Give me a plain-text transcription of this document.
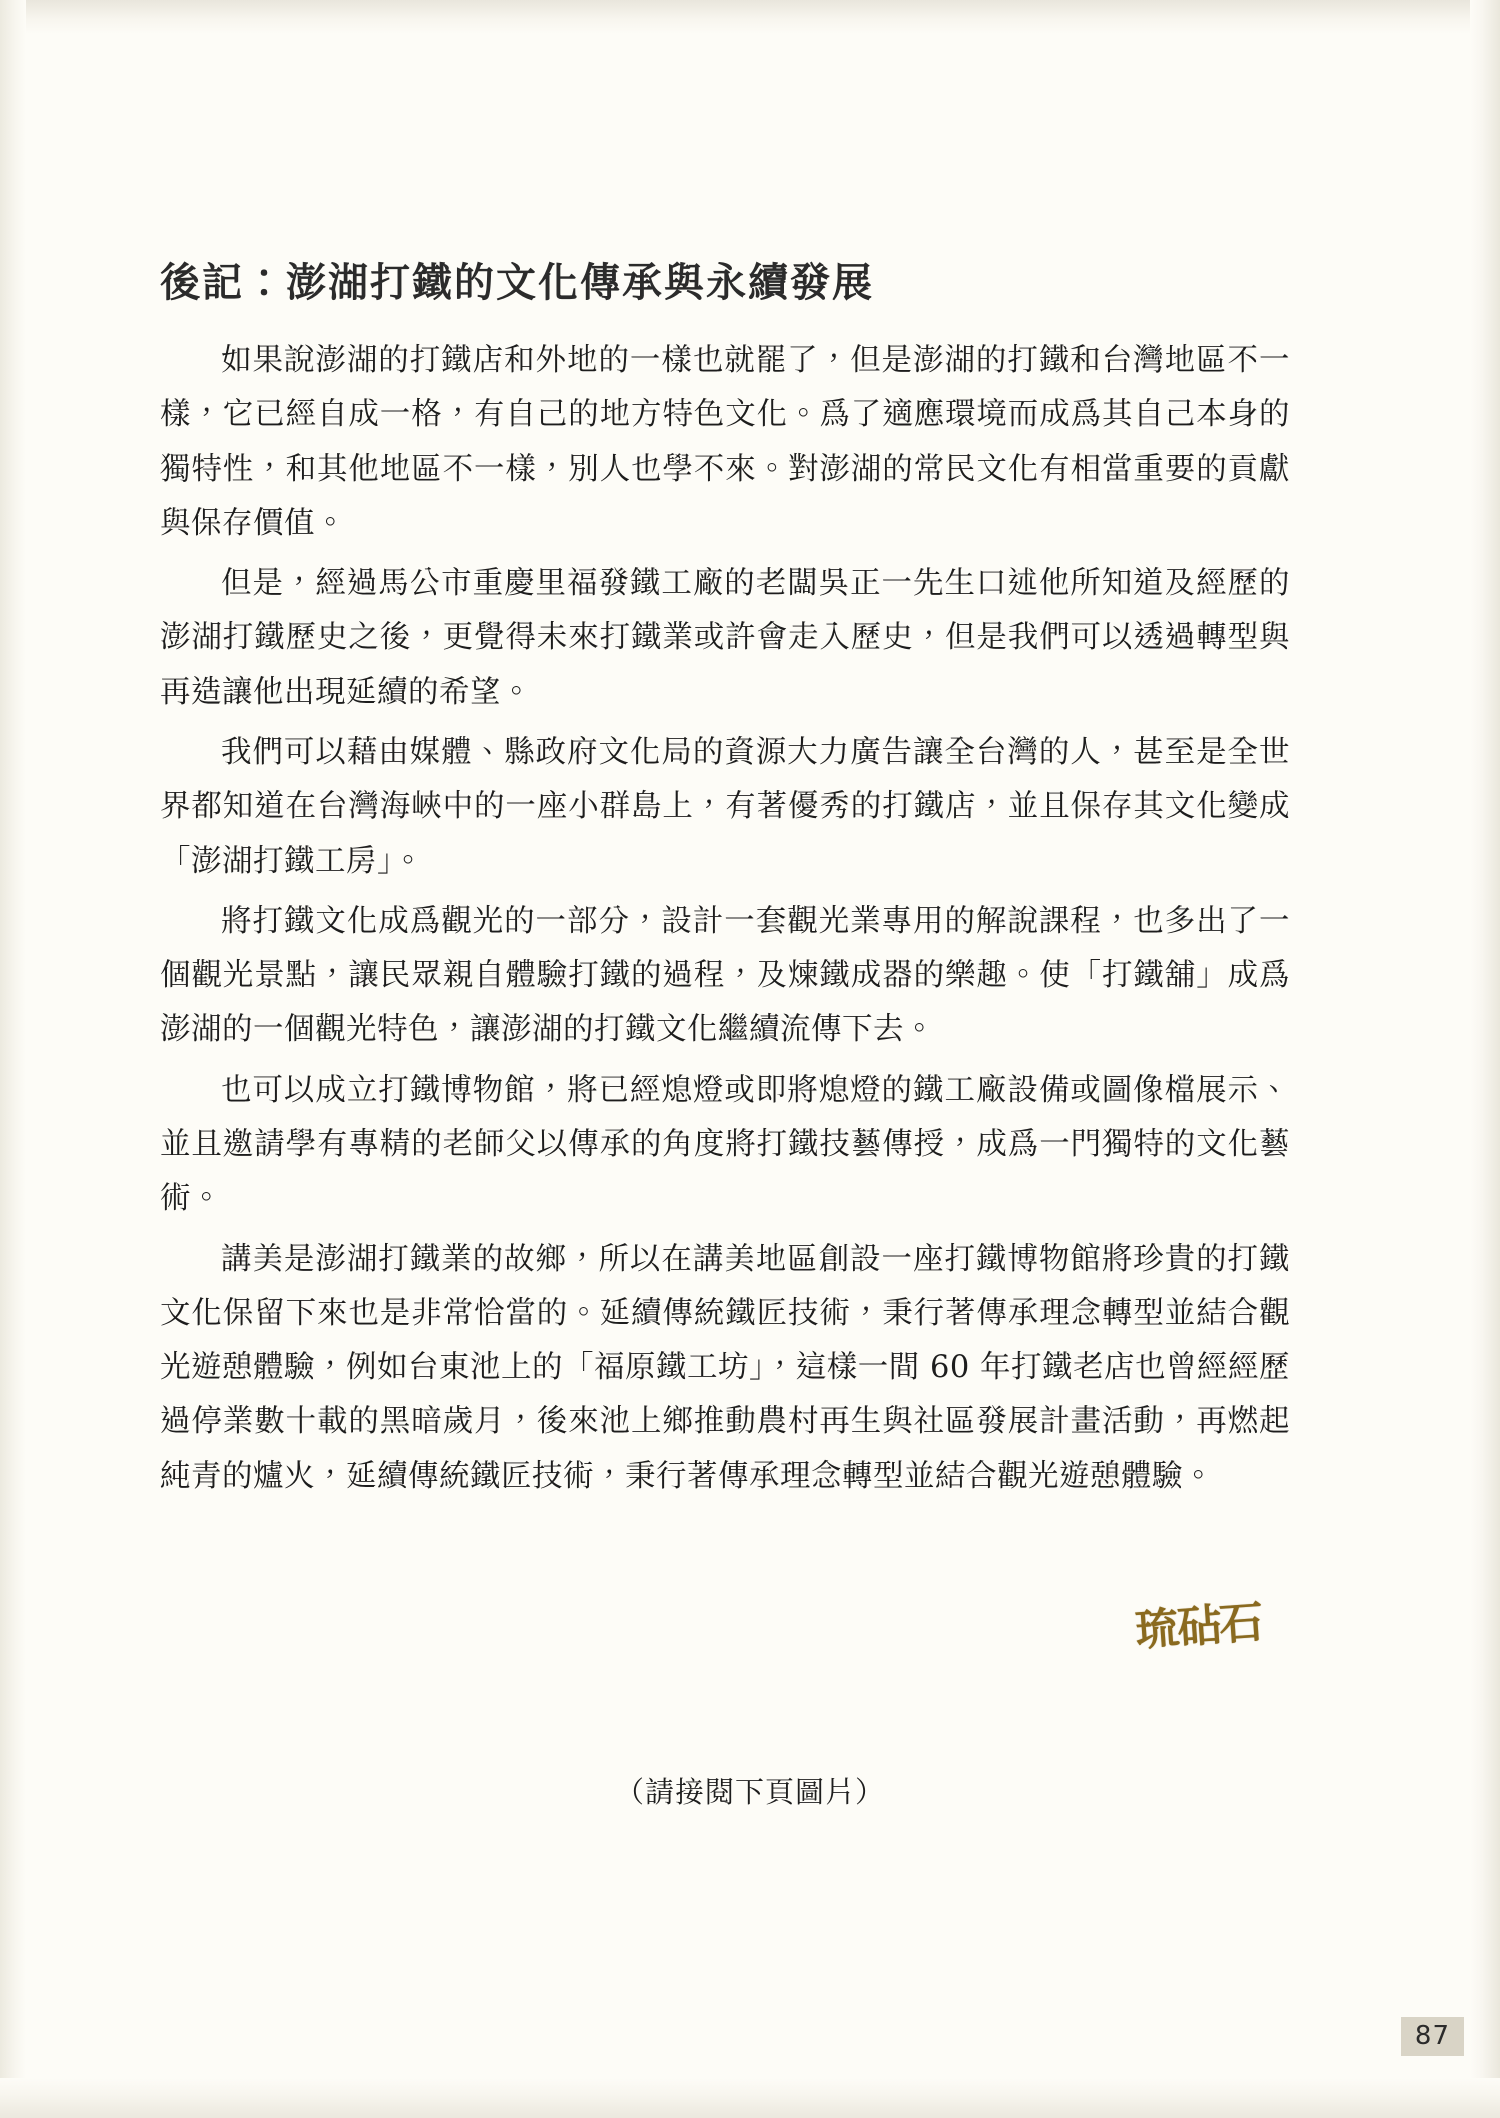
後記：澎湖打鐵的文化傳承與永續發展

如果說澎湖的打鐵店和外地的一樣也就罷了，但是澎湖的打鐵和台灣地區不一樣，它已經自成一格，有自己的地方特色文化。爲了適應環境而成爲其自己本身的獨特性，和其他地區不一樣，別人也學不來。對澎湖的常民文化有相當重要的貢獻與保存價值。

但是，經過馬公市重慶里福發鐵工廠的老闆吳正一先生口述他所知道及經歷的澎湖打鐵歷史之後，更覺得未來打鐵業或許會走入歷史，但是我們可以透過轉型與再造讓他出現延續的希望。

我們可以藉由媒體、縣政府文化局的資源大力廣告讓全台灣的人，甚至是全世界都知道在台灣海峽中的一座小群島上，有著優秀的打鐵店，並且保存其文化變成「澎湖打鐵工房」。

將打鐵文化成爲觀光的一部分，設計一套觀光業專用的解說課程，也多出了一個觀光景點，讓民眾親自體驗打鐵的過程，及煉鐵成器的樂趣。使「打鐵舖」成爲澎湖的一個觀光特色，讓澎湖的打鐵文化繼續流傳下去。

也可以成立打鐵博物館，將已經熄燈或即將熄燈的鐵工廠設備或圖像檔展示、並且邀請學有專精的老師父以傳承的角度將打鐵技藝傳授，成爲一門獨特的文化藝術。

講美是澎湖打鐵業的故鄉，所以在講美地區創設一座打鐵博物館將珍貴的打鐵文化保留下來也是非常恰當的。延續傳統鐵匠技術，秉行著傳承理念轉型並結合觀光遊憩體驗，例如台東池上的「福原鐵工坊」，這樣一間 60 年打鐵老店也曾經經歷過停業數十載的黑暗歲月，後來池上鄉推動農村再生與社區發展計畫活動，再燃起純青的爐火，延續傳統鐵匠技術，秉行著傳承理念轉型並結合觀光遊憩體驗。

琉砧石
（請接閱下頁圖片）
87
